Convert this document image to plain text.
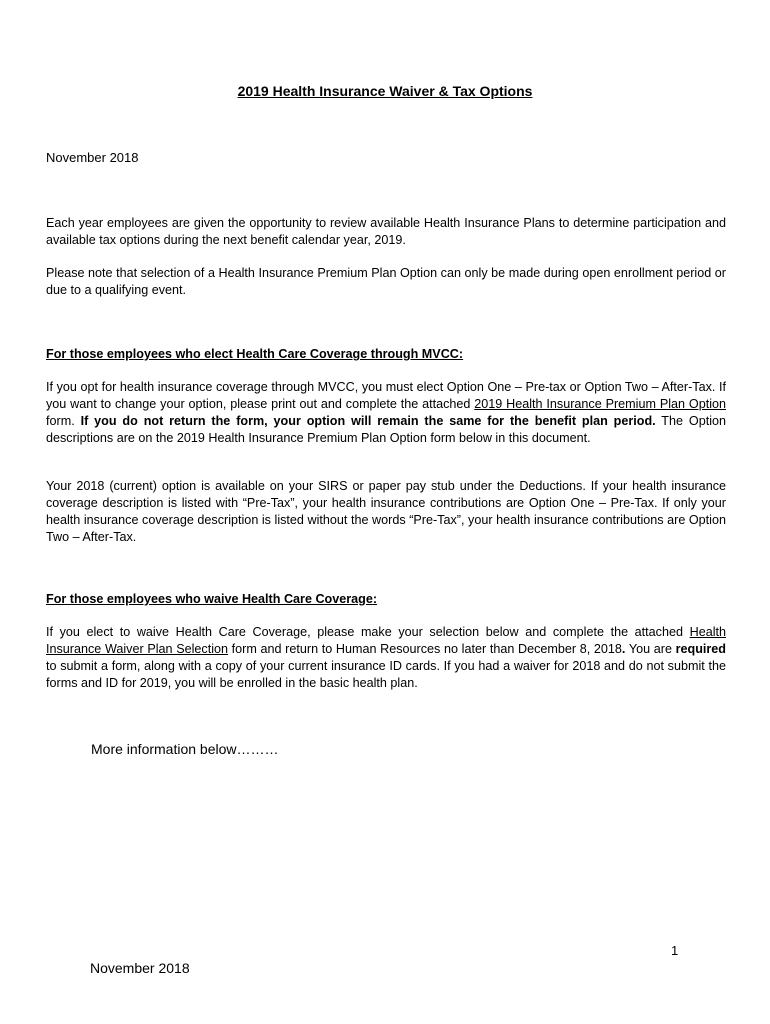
2019 Health Insurance Waiver & Tax Options
November 2018

Each year employees are given the opportunity to review available Health Insurance Plans to determine participation and available tax options during the next benefit calendar year, 2019.

Please note that selection of a Health Insurance Premium Plan Option can only be made during open enrollment period or due to a qualifying event.

For those employees who elect Health Care Coverage through MVCC:

If you opt for health insurance coverage through MVCC, you must elect Option One – Pre-tax or Option Two – After-Tax. If you want to change your option, please print out and complete the attached 2019 Health Insurance Premium Plan Option form. If you do not return the form, your option will remain the same for the benefit plan period. The Option descriptions are on the 2019 Health Insurance Premium Plan Option form below in this document.

Your 2018 (current) option is available on your SIRS or paper pay stub under the Deductions. If your health insurance coverage description is listed with “Pre-Tax”, your health insurance contributions are Option One – Pre-Tax. If only your health insurance coverage description is listed without the words “Pre-Tax”, your health insurance contributions are Option Two – After-Tax.

For those employees who waive Health Care Coverage:

If you elect to waive Health Care Coverage, please make your selection below and complete the attached Health Insurance Waiver Plan Selection form and return to Human Resources no later than December 8, 2018. You are required to submit a form, along with a copy of your current insurance ID cards. If you had a waiver for 2018 and do not submit the forms and ID for 2019, you will be enrolled in the basic health plan.

More information below………
1
November 2018
